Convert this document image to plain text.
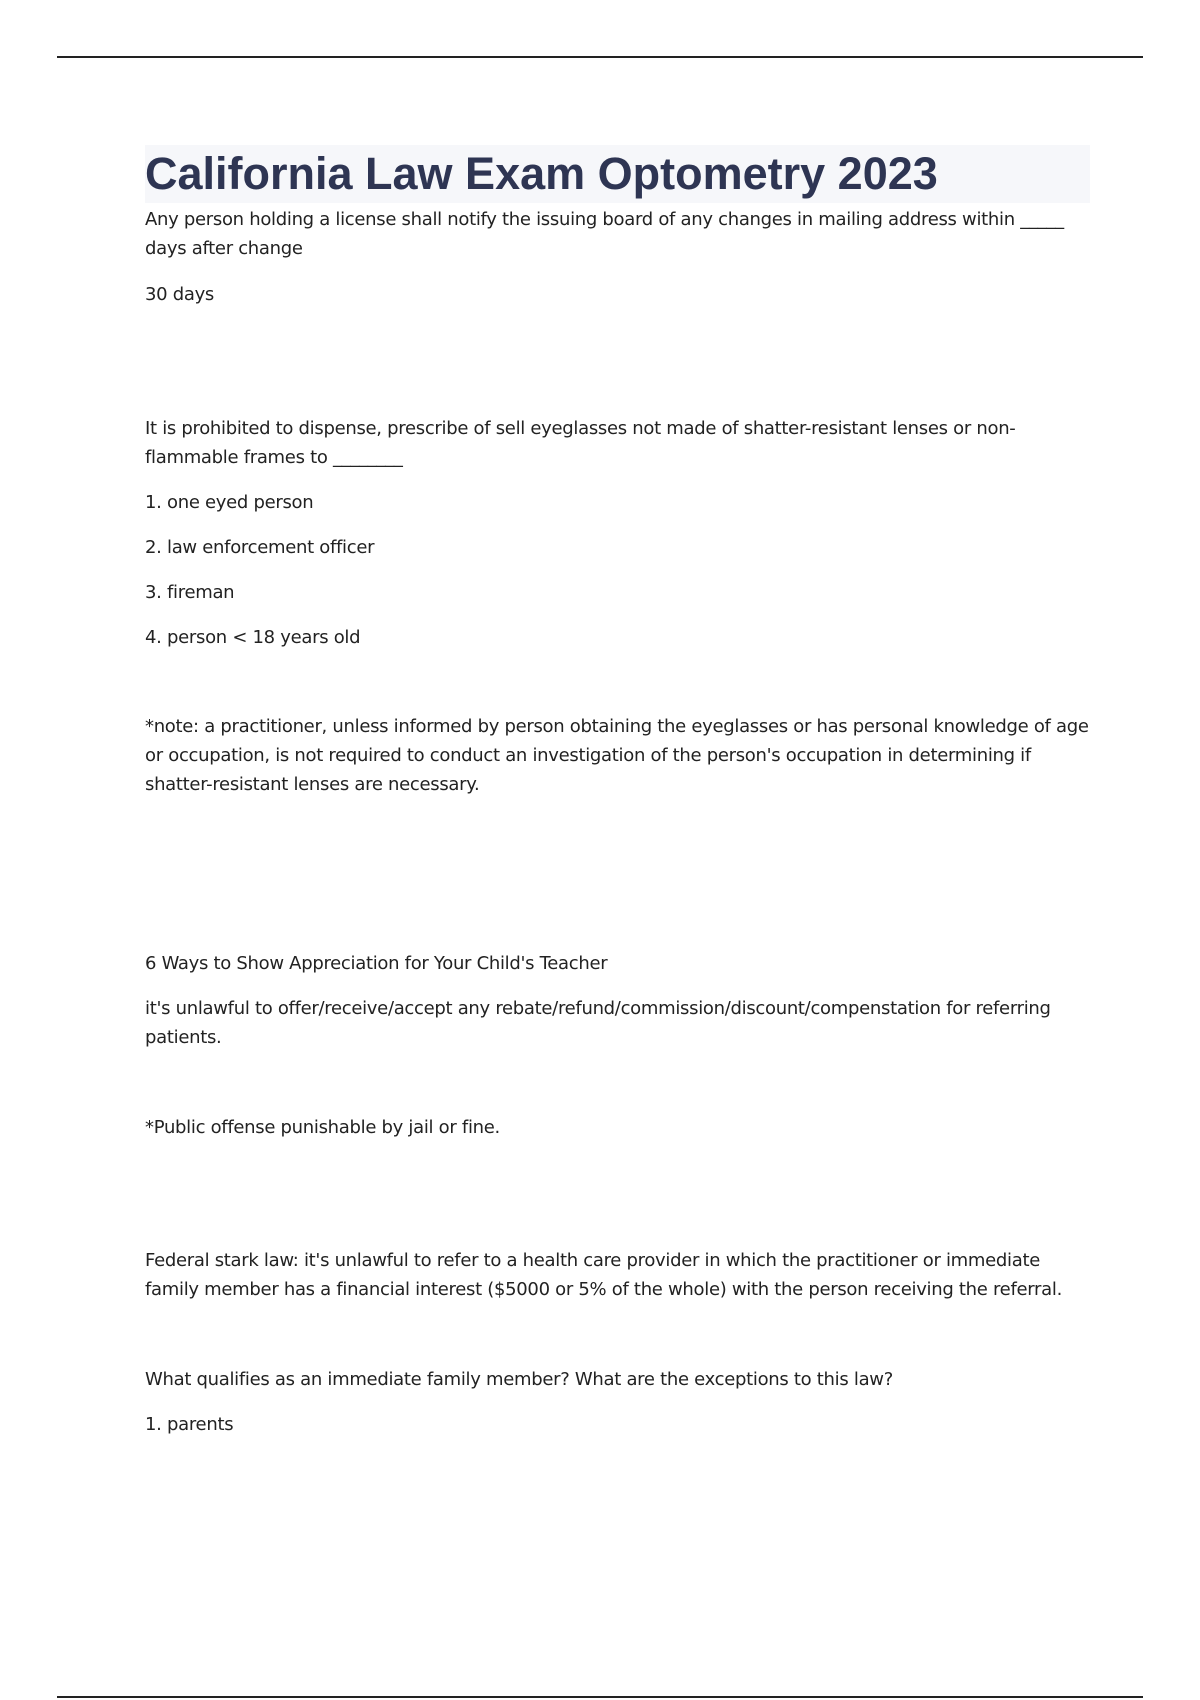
California Law Exam Optometry 2023

Any person holding a license shall notify the issuing board of any changes in mailing address within _____ days after change

30 days

It is prohibited to dispense, prescribe of sell eyeglasses not made of shatter-resistant lenses or non-flammable frames to ________

1. one eyed person

2. law enforcement officer

3. fireman

4. person < 18 years old

*note: a practitioner, unless informed by person obtaining the eyeglasses or has personal knowledge of age or occupation, is not required to conduct an investigation of the person's occupation in determining if shatter-resistant lenses are necessary.

6 Ways to Show Appreciation for Your Child's Teacher

it's unlawful to offer/receive/accept any rebate/refund/commission/discount/compenstation for referring patients.

*Public offense punishable by jail or fine.

Federal stark law: it's unlawful to refer to a health care provider in which the practitioner or immediate family member has a financial interest ($5000 or 5% of the whole) with the person receiving the referral.

What qualifies as an immediate family member? What are the exceptions to this law?

1. parents
